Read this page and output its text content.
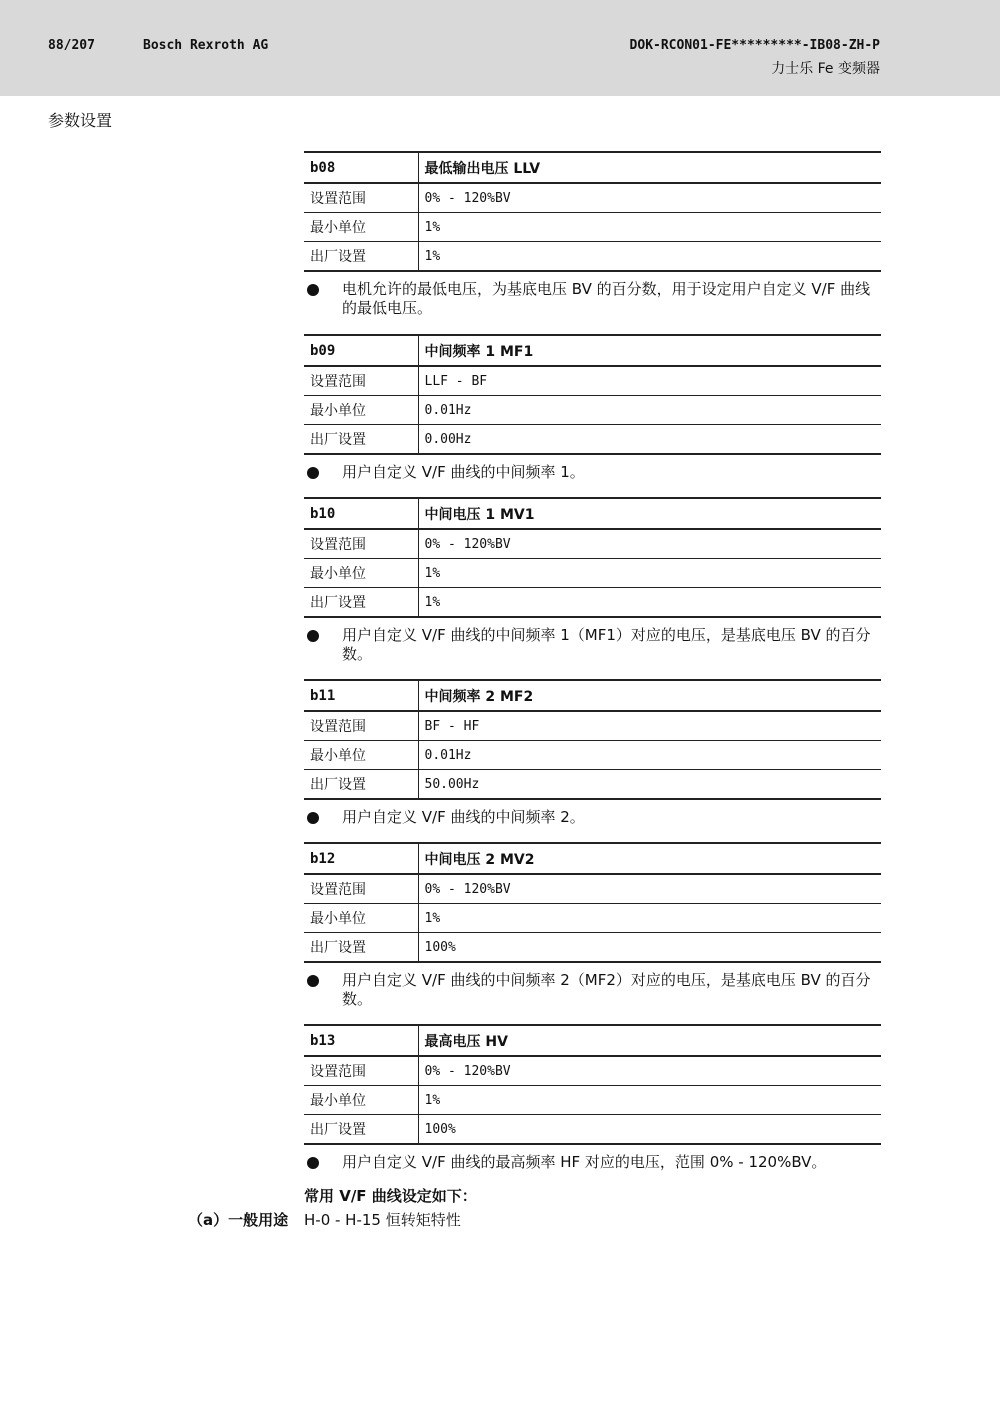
88/207	Bosch Rexroth AG	DOK-RCON01-FE*********-IB08-ZH-P
力士乐 Fe 变频器
参数设置
b08	最低输出电压 LLV
设置范围	0% - 120%BV
最小单位	1%
出厂设置	1%
电机允许的最低电压，为基底电压 BV 的百分数，用于设定用户自定义 V/F 曲线的最低电压。
b09	中间频率 1 MF1
设置范围	LLF - BF
最小单位	0.01Hz
出厂设置	0.00Hz
用户自定义 V/F 曲线的中间频率 1。
b10	中间电压 1 MV1
设置范围	0% - 120%BV
最小单位	1%
出厂设置	1%
用户自定义 V/F 曲线的中间频率 1（MF1）对应的电压，是基底电压 BV 的百分数。
b11	中间频率 2 MF2
设置范围	BF - HF
最小单位	0.01Hz
出厂设置	50.00Hz
用户自定义 V/F 曲线的中间频率 2。
b12	中间电压 2 MV2
设置范围	0% - 120%BV
最小单位	1%
出厂设置	100%
用户自定义 V/F 曲线的中间频率 2（MF2）对应的电压，是基底电压 BV 的百分数。
b13	最高电压 HV
设置范围	0% - 120%BV
最小单位	1%
出厂设置	100%
用户自定义 V/F 曲线的最高频率 HF 对应的电压，范围 0% - 120%BV。
常用 V/F 曲线设定如下：
（a）一般用途 H-0 - H-15 恒转矩特性
